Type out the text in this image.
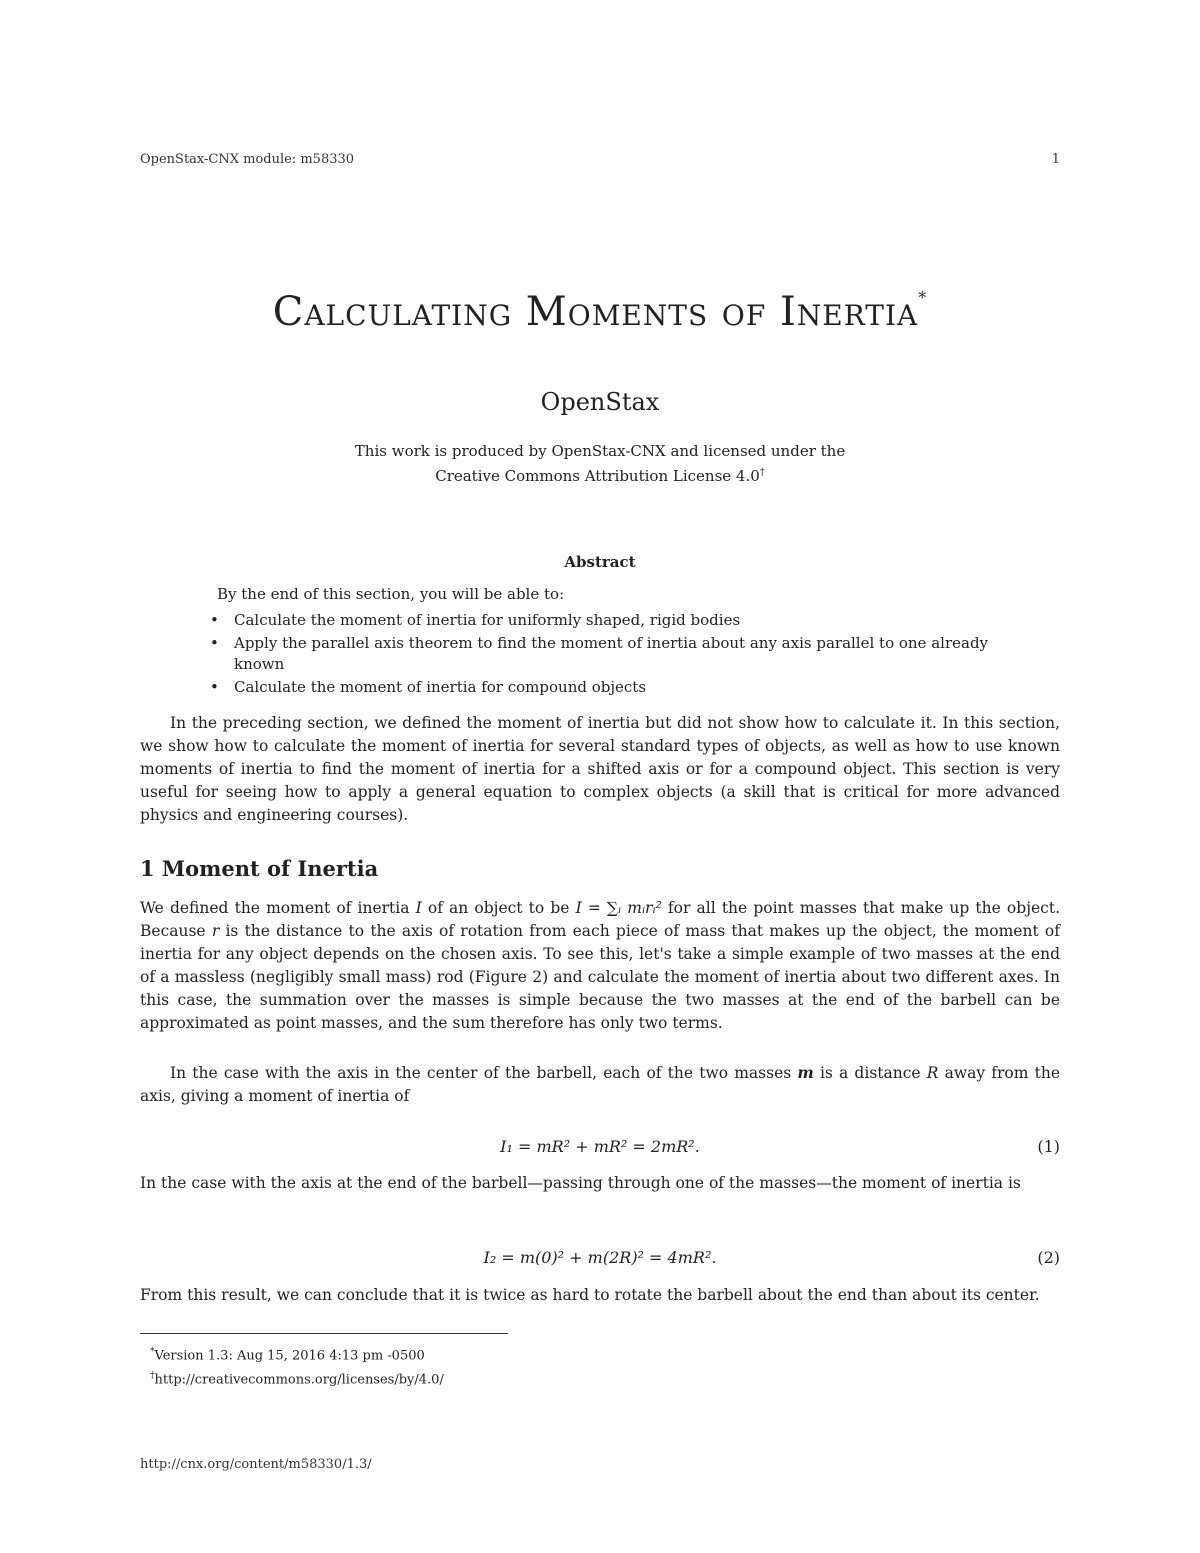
OpenStax-CNX module: m58330	1
Calculating Moments of Inertia*
OpenStax
This work is produced by OpenStax-CNX and licensed under the
Creative Commons Attribution License 4.0†
Abstract
By the end of this section, you will be able to:
• Calculate the moment of inertia for uniformly shaped, rigid bodies
• Apply the parallel axis theorem to find the moment of inertia about any axis parallel to one already known
• Calculate the moment of inertia for compound objects

In the preceding section, we defined the moment of inertia but did not show how to calculate it. In this section, we show how to calculate the moment of inertia for several standard types of objects, as well as how to use known moments of inertia to find the moment of inertia for a shifted axis or for a compound object. This section is very useful for seeing how to apply a general equation to complex objects (a skill that is critical for more advanced physics and engineering courses).

1 Moment of Inertia

We defined the moment of inertia I of an object to be I = ∑ᵢ mᵢrᵢ² for all the point masses that make up the object. Because r is the distance to the axis of rotation from each piece of mass that makes up the object, the moment of inertia for any object depends on the chosen axis. To see this, let's take a simple example of two masses at the end of a massless (negligibly small mass) rod (Figure 2) and calculate the moment of inertia about two different axes. In this case, the summation over the masses is simple because the two masses at the end of the barbell can be approximated as point masses, and the sum therefore has only two terms.

In the case with the axis in the center of the barbell, each of the two masses m is a distance R away from the axis, giving a moment of inertia of

I₁ = mR² + mR² = 2mR².	(1)

In the case with the axis at the end of the barbell—passing through one of the masses—the moment of inertia is

I₂ = m(0)² + m(2R)² = 4mR².	(2)

From this result, we can conclude that it is twice as hard to rotate the barbell about the end than about its center.

*Version 1.3: Aug 15, 2016 4:13 pm -0500
†http://creativecommons.org/licenses/by/4.0/
http://cnx.org/content/m58330/1.3/
